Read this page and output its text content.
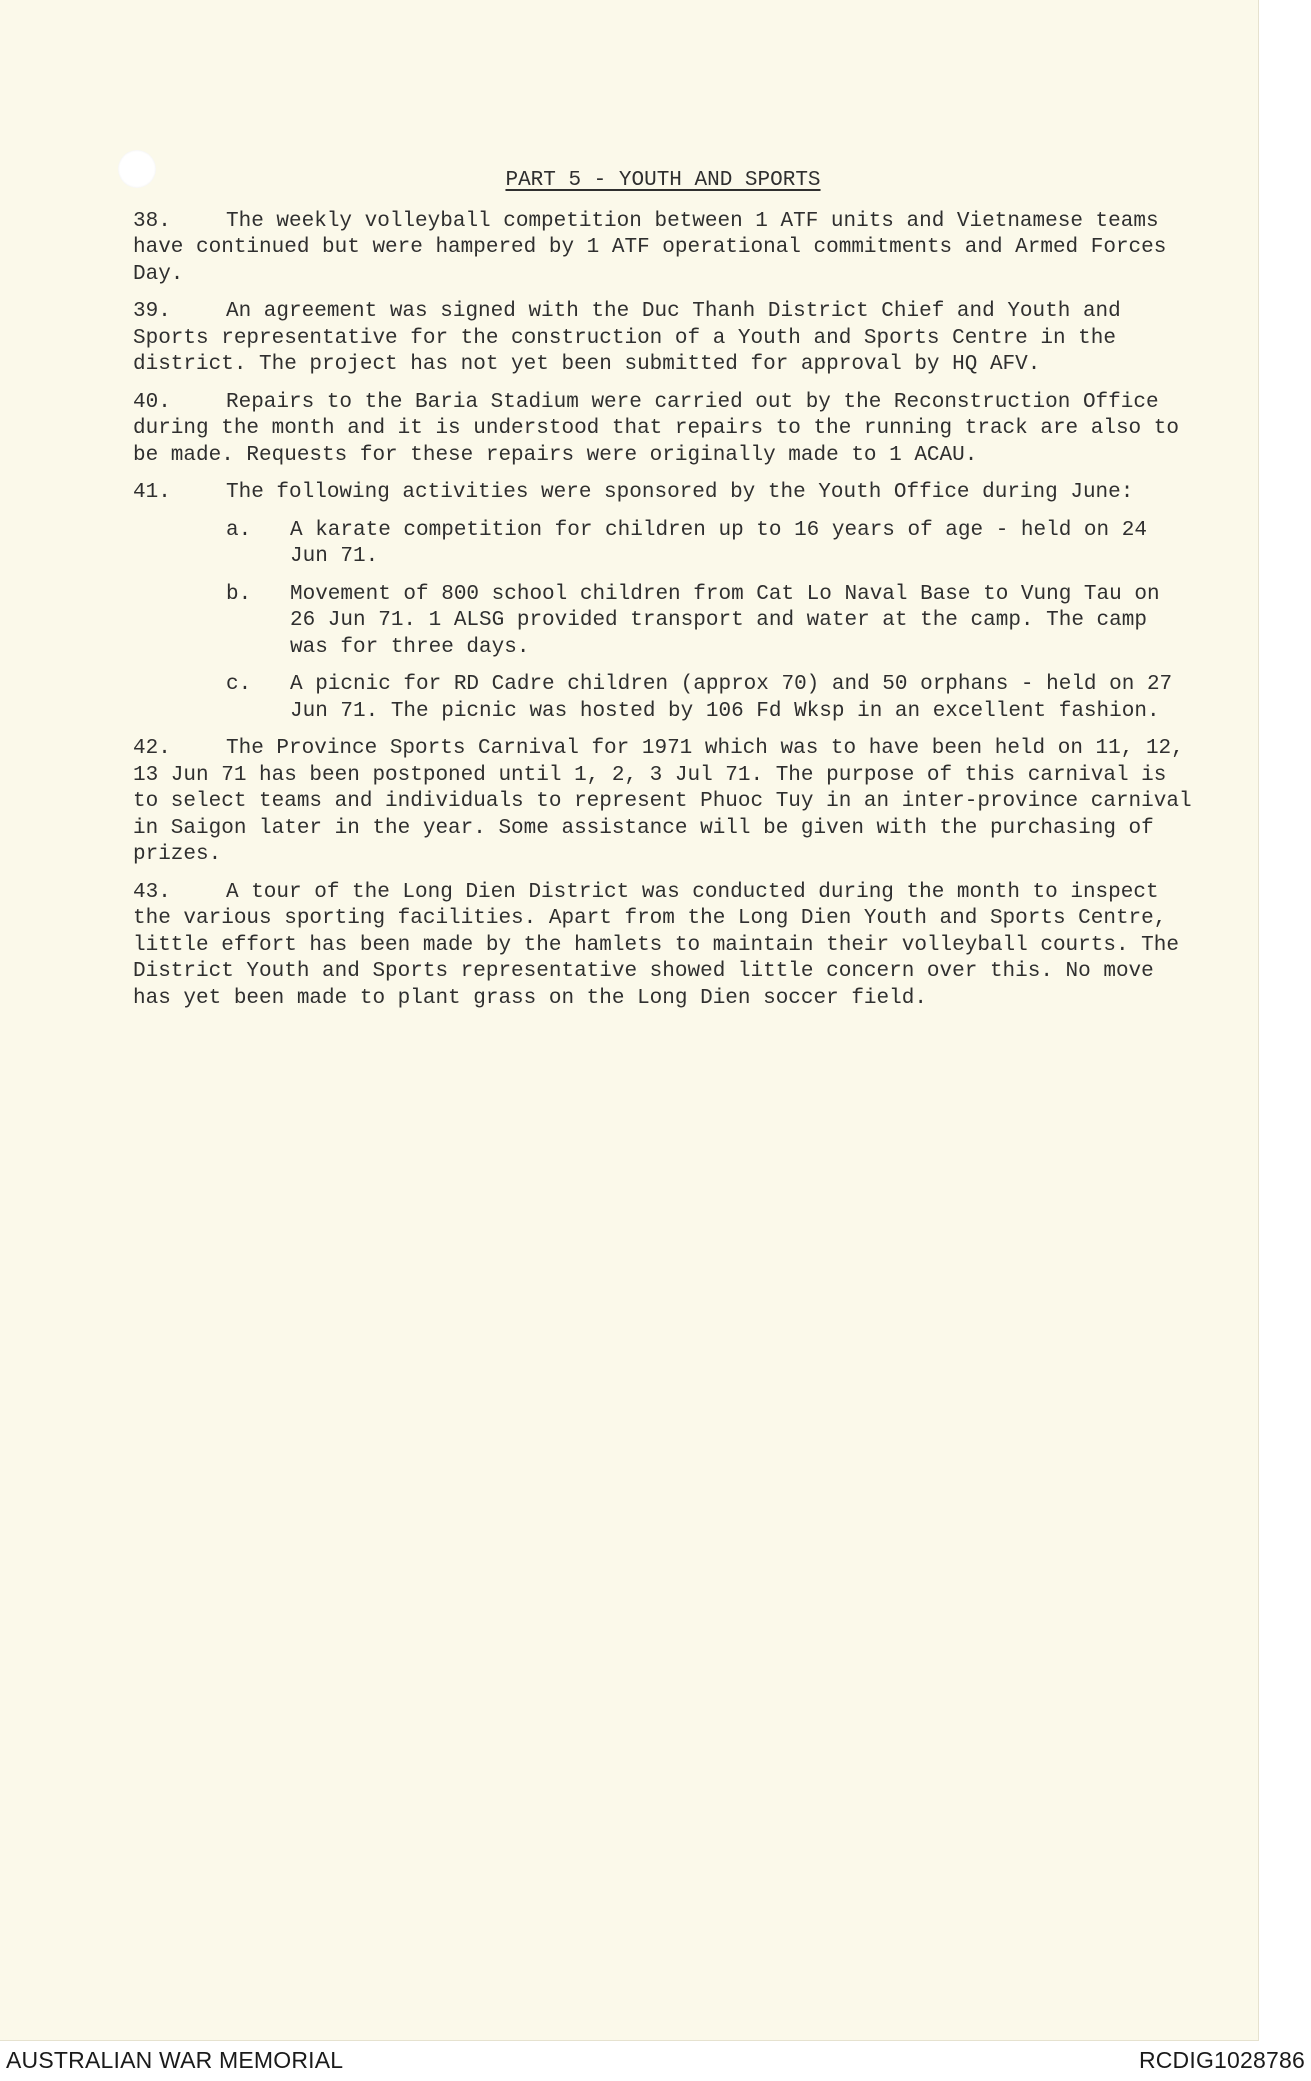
PART 5 - YOUTH AND SPORTS
38.	The weekly volleyball competition between 1 ATF units and Vietnamese teams have continued but were hampered by 1 ATF operational commitments and Armed Forces Day.
39.	An agreement was signed with the Duc Thanh District Chief and Youth and Sports representative for the construction of a Youth and Sports Centre in the district. The project has not yet been submitted for approval by HQ AFV.
40.	Repairs to the Baria Stadium were carried out by the Reconstruction Office during the month and it is understood that repairs to the running track are also to be made. Requests for these repairs were originally made to 1 ACAU.
41.	The following activities were sponsored by the Youth Office during June:
a.	A karate competition for children up to 16 years of age - held on 24 Jun 71.
b.	Movement of 800 school children from Cat Lo Naval Base to Vung Tau on 26 Jun 71. 1 ALSG provided transport and water at the camp. The camp was for three days.
c.	A picnic for RD Cadre children (approx 70) and 50 orphans - held on 27 Jun 71. The picnic was hosted by 106 Fd Wksp in an excellent fashion.
42.	The Province Sports Carnival for 1971 which was to have been held on 11, 12, 13 Jun 71 has been postponed until 1, 2, 3 Jul 71. The purpose of this carnival is to select teams and individuals to represent Phuoc Tuy in an inter-province carnival in Saigon later in the year. Some assistance will be given with the purchasing of prizes.
43.	A tour of the Long Dien District was conducted during the month to inspect the various sporting facilities. Apart from the Long Dien Youth and Sports Centre, little effort has been made by the hamlets to maintain their volleyball courts. The District Youth and Sports representative showed little concern over this. No move has yet been made to plant grass on the Long Dien soccer field.
AUSTRALIAN WAR MEMORIAL	RCDIG1028786
